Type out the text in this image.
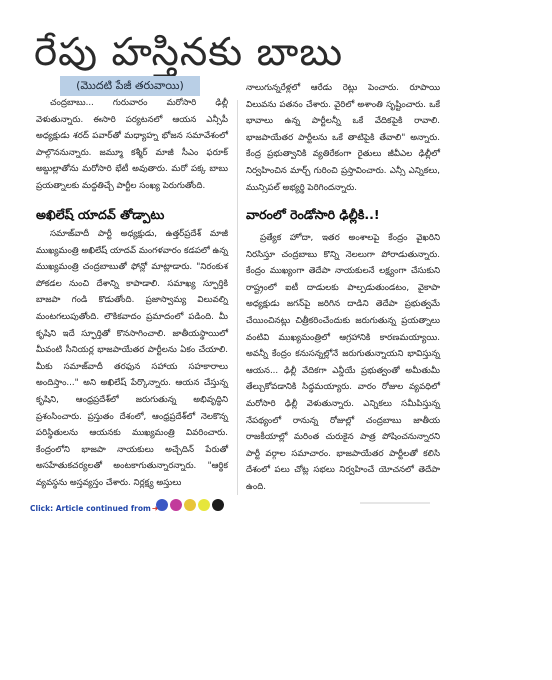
రేపు హస్తినకు బాబు
(మొదటి పేజీ తరువాయి)

చంద్రబాబు... గురువారం మరోసారి ఢిల్లీ వెళుతున్నారు. ఈసారి పర్యటనలో ఆయన ఎన్సీపీ అధ్యక్షుడు శరద్ పవార్‌తో మధ్యాహ్న భోజన సమావేశంలో పాల్గొననున్నారు. జమ్మూ కశ్మీర్ మాజీ సీఎం ఫరూక్ అబ్దుల్లాతోను మరోసారి భేటీ అవుతారు. మరో పక్క బాబు ప్రయత్నాలకు మద్దతిచ్చే పార్టీల సంఖ్య పెరుగుతోంది.

అఖిలేష్ యాదవ్ తోడ్పాటు

సమాజ్‌వాదీ పార్టీ అధ్యక్షుడు, ఉత్తర్‌ప్రదేశ్ మాజీ ముఖ్యమంత్రి అఖిలేష్ యాదవ్ మంగళవారం కడపలో ఉన్న ముఖ్యమంత్రి చంద్రబాబుతో ఫోన్లో మాట్లాడారు. "నిరంకుశ పోకడల నుంచి దేశాన్ని కాపాడాలి. సమాఖ్య స్ఫూర్తికి బాజపా గండి కొడుతోంది. ప్రజాస్వామ్య విలువల్ని మంటగలుపుతోంది. లౌకికవాదం ప్రమాదంలో పడింది. మీ కృషిని ఇదే స్ఫూర్తితో కొనసాగించాలి. జాతీయస్థాయిలో మీవంటి సీనియర్ల భాజపాయేతర పార్టీలను ఏకం చేయాలి. మీకు సమాజ్‌వాదీ తరఫున సహాయ సహకారాలు అందిస్తాం..." అని అఖిలేష్ పేర్కొన్నారు. ఆయన చేస్తున్న కృషిని, ఆంధ్రప్రదేశ్‌లో జరుగుతున్న అభివృద్ధిని ప్రశంసించారు. ప్రస్తుతం దేశంలో, ఆంధ్రప్రదేశ్‌లో నెలకొన్న పరిస్థితులను ఆయనకు ముఖ్యమంత్రి వివరించారు. కేంద్రంలోని భాజపా నాయకులు అచ్చేదిన్ పేరుతో అసహేతుకచర్యలతో అంటకాగుతున్నారన్నారు. "ఆర్థిక వ్యవస్థను అస్తవ్యస్తం చేశారు. నిర్లక్ష్య అస్తులు

నాలుగున్నరేళ్లలో ఆరేడు రెట్లు పెంచారు. రూపాయి విలువను పతనం చేశారు. వైరిలో అశాంతి సృష్టించారు. ఒకే భావాలు ఉన్న పార్టీలన్నీ ఒకే వేదికపైకి రావాలి. భాజపాయేతర పార్టీలను ఒకే తాటిపైకి తేవాలి" అన్నారు. కేంద్ర ప్రభుత్వానికి వ్యతిరేకంగా రైతులు జీవీఎల ఢిల్లీలో నిర్వహించిన మార్చ్ గురించి ప్రస్తావించారు. ఎన్సీ ఎన్నికలు, మున్సిపల్ అభ్యర్థి పెరిగిందన్నారు.

వారంలో రెండోసారి ఢిల్లీకి..!

ప్రత్యేక హోదా, ఇతర అంశాలపై కేంద్రం వైఖరిని నిరసిస్తూ చంద్రబాబు కొన్ని నెలలుగా పోరాడుతున్నారు. కేంద్రం ముఖ్యంగా తెదేపా నాయకులనే లక్ష్యంగా చేసుకుని రాష్ట్రంలో ఐటీ దాడులకు పాల్పడుతుండటం, వైకాపా అధ్యక్షుడు జగన్‌పై జరిగిన దాడిని తెదేపా ప్రభుత్వమే చేయించినట్లు చిత్రీకరించేందుకు జరుగుతున్న ప్రయత్నాలు వంటివి ముఖ్యమంత్రిలో ఆగ్రహానికి కారణమయ్యాయి. అవన్నీ కేంద్రం కనుసన్నల్లోనే జరుగుతున్నాయని భావిస్తున్న ఆయన... ఢిల్లీ వేదికగా ఎన్డీయే ప్రభుత్వంతో అమీతుమీ తేల్చుకోవడానికి సిద్ధమయ్యారు. వారం రోజుల వ్యవధిలో మరోసారి ఢిల్లీ వెళుతున్నారు. ఎన్నికలు సమీపిస్తున్న నేపథ్యంలో రానున్న రోజుల్లో చంద్రబాబు జాతీయ రాజకీయాల్లో మరింత చురుకైన పాత్ర పోషించనున్నారని పార్టీ వర్గాల సమాచారం. భాజపాయేతర పార్టీలతో కలిసి దేశంలో పలు చోట్ల సభలు నిర్వహించే యోచనలో తెదేపా ఉంది.

Click: Article continued from➜
